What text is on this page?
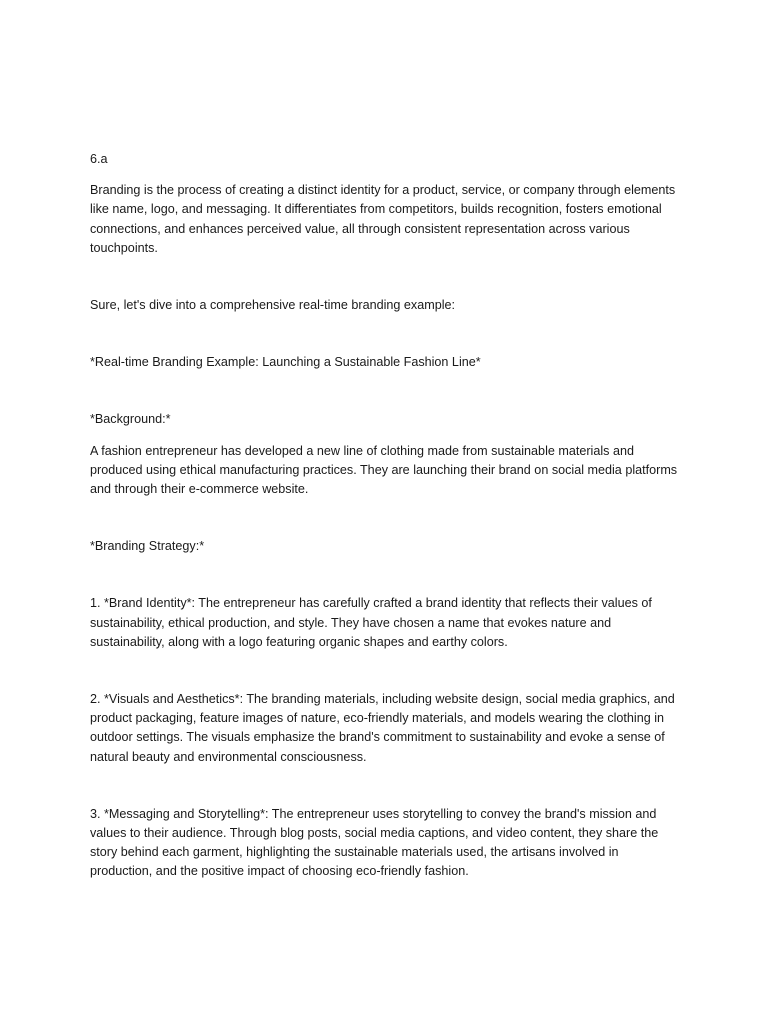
6.a

Branding is the process of creating a distinct identity for a product, service, or company through elements like name, logo, and messaging. It differentiates from competitors, builds recognition, fosters emotional connections, and enhances perceived value, all through consistent representation across various touchpoints.

Sure, let's dive into a comprehensive real-time branding example:

*Real-time Branding Example: Launching a Sustainable Fashion Line*

*Background:*

A fashion entrepreneur has developed a new line of clothing made from sustainable materials and produced using ethical manufacturing practices. They are launching their brand on social media platforms and through their e-commerce website.

*Branding Strategy:*

1. *Brand Identity*: The entrepreneur has carefully crafted a brand identity that reflects their values of sustainability, ethical production, and style. They have chosen a name that evokes nature and sustainability, along with a logo featuring organic shapes and earthy colors.

2. *Visuals and Aesthetics*: The branding materials, including website design, social media graphics, and product packaging, feature images of nature, eco-friendly materials, and models wearing the clothing in outdoor settings. The visuals emphasize the brand's commitment to sustainability and evoke a sense of natural beauty and environmental consciousness.

3. *Messaging and Storytelling*: The entrepreneur uses storytelling to convey the brand's mission and values to their audience. Through blog posts, social media captions, and video content, they share the story behind each garment, highlighting the sustainable materials used, the artisans involved in production, and the positive impact of choosing eco-friendly fashion.
